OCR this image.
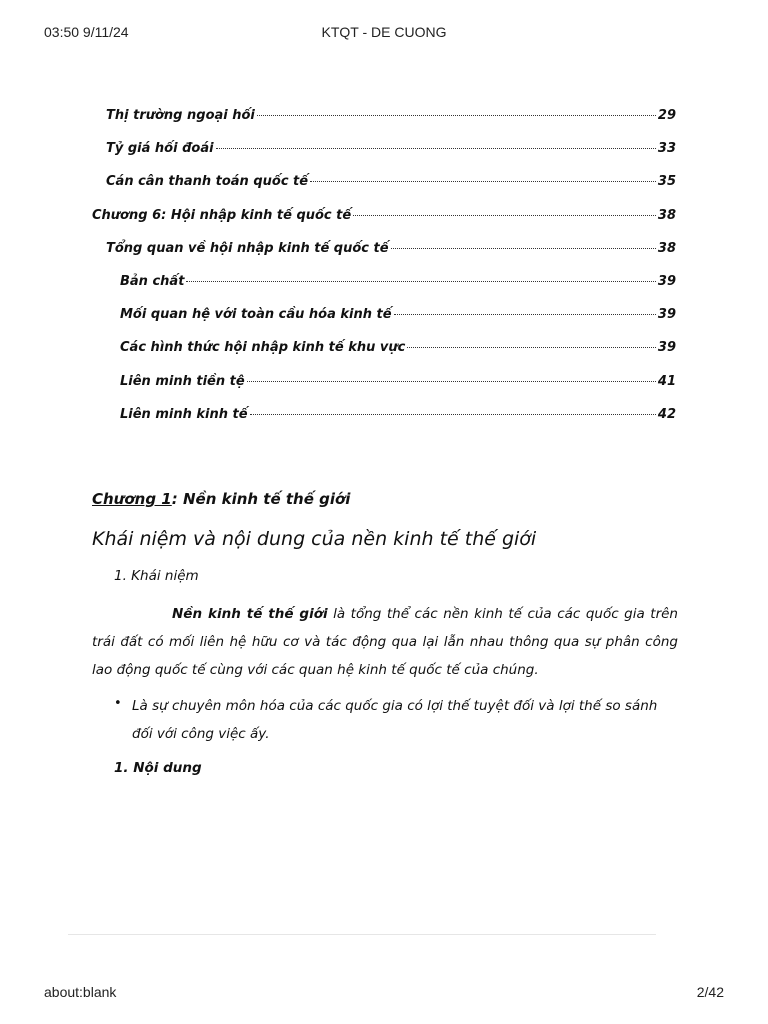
03:50 9/11/24	KTQT - DE CUONG
Thị trường ngoại hối	29
Tỷ giá hối đoái	33
Cán cân thanh toán quốc tế	35
Chương 6: Hội nhập kinh tế quốc tế	38
Tổng quan về hội nhập kinh tế quốc tế	38
Bản chất	39
Mối quan hệ với toàn cầu hóa kinh tế	39
Các hình thức hội nhập kinh tế khu vực	39
Liên minh tiền tệ	41
Liên minh kinh tế	42
Chương 1: Nền kinh tế thế giới
Khái niệm và nội dung của nền kinh tế thế giới
1. Khái niệm
Nền kinh tế thế giới là tổng thể các nền kinh tế của các quốc gia trên trái đất có mối liên hệ hữu cơ và tác động qua lại lẫn nhau thông qua sự phân công lao động quốc tế cùng với các quan hệ kinh tế quốc tế của chúng.
• Là sự chuyên môn hóa của các quốc gia có lợi thế tuyệt đối và lợi thế so sánh đối với công việc ấy.
1. Nội dung
about:blank	2/42
